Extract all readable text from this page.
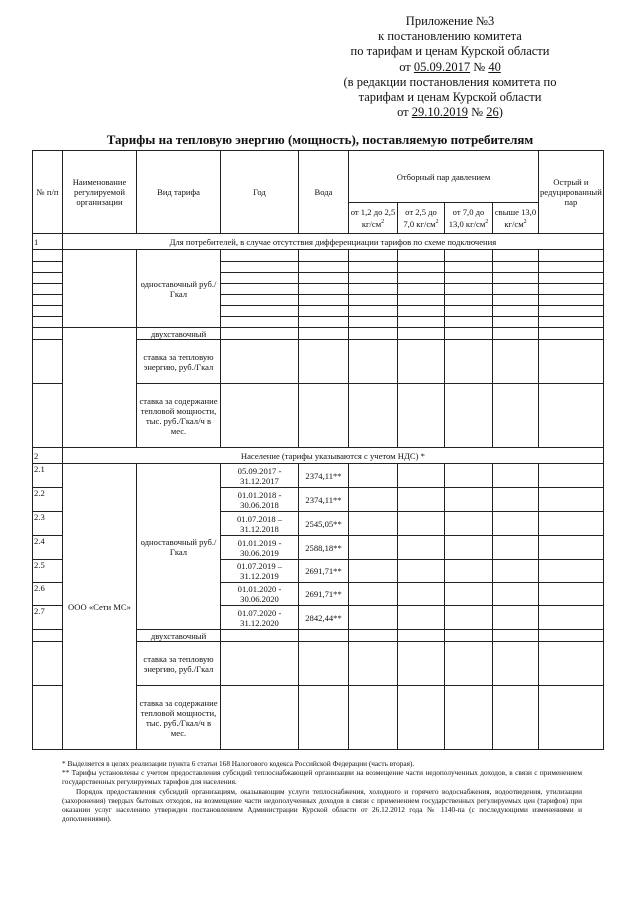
Приложение №3
к постановлению комитета
по тарифам и ценам Курской области
от 05.09.2017 № 40
(в редакции постановления комитета по
тарифам и ценам Курской области
от 29.10.2019 № 26)
Тарифы на тепловую энергию (мощность), поставляемую потребителям
№ п/п	Наименование регулируемой организации	Вид тарифа	Год	Вода	Отборный пар давлением				Острый и редуцированный пар
					от 1,2 до 2,5 $кг/см^2$	от 2,5 до 7,0 $кг/см^2$	от 7,0 до 13,0 $кг/см^2$	свыше 13,0 $кг/см^2$
1	Для потребителей, в случае отсутствия дифференциации тарифов по схеме подключения								
		одноставочный руб./Гкал							

		двухставочный							
		ставка за тепловую энергию, руб./Гкал							
		ставка за содержание тепловой мощности, тыс. руб./Гкал/ч в мес.							
2	Население (тарифы указываются с учетом НДС) *								
2.1	ООО «Сети МС»	одноставочный руб./Гкал	05.09.2017 - 31.12.2017	2374,11**					
2.2			01.01.2018 - 30.06.2018	2374,11**					
2.3			01.07.2018 – 31.12.2018	2545,05**					
2.4			01.01.2019 - 30.06.2019	2588,18**					
2.5			01.07.2019 – 31.12.2019	2691,71**					
2.6			01.01.2020 - 30.06.2020	2691,71**					
2.7			01.07.2020 - 31.12.2020	2842,44**					
		двухставочный							
		ставка за тепловую энергию, руб./Гкал							
		ставка за содержание тепловой мощности, тыс. руб./Гкал/ч в мес.							

* Выделяется в целях реализации пункта 6 статьи 168 Налогового кодекса Российской Федерации (часть вторая).

** Тарифы установлены с учетом предоставления субсидий теплоснабжающей организации на возмещение части недополученных доходов, в связи с применением государственных регулируемых тарифов для населения.

Порядок предоставления субсидий организациям, оказывающим услуги теплоснабжения, холодного и горячего водоснабжения, водоотведения, утилизации (захоронения) твердых бытовых отходов, на возмещение части недополученных доходов в связи с применением государственных регулируемых цен (тарифов) при оказании услуг населению утвержден постановлением Администрации Курской области от 26.12.2012 года № 1140-па (с последующими изменениями и дополнениями).
